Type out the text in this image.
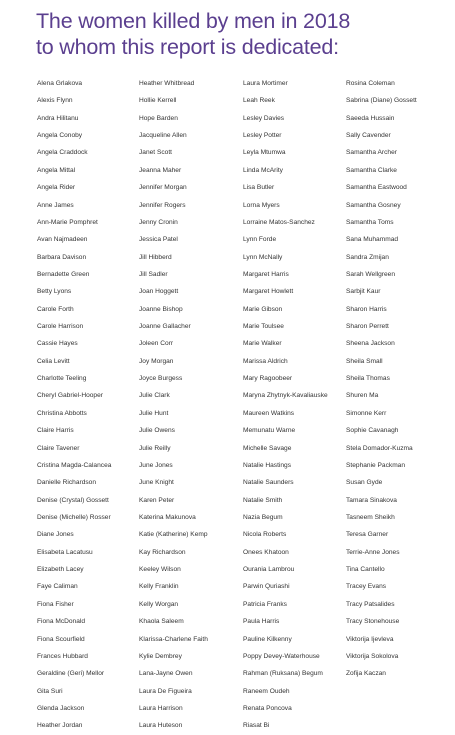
The women killed by men in 2018
to whom this report is dedicated:
Alena Grlakova
Alexis Flynn
Andra Hilitanu
Angela Conoby
Angela Craddock
Angela Mittal
Angela Rider
Anne James
Ann-Marie Pomphret
Avan Najmadeen
Barbara Davison
Bernadette Green
Betty Lyons
Carole Forth
Carole Harrison
Cassie Hayes
Celia Levitt
Charlotte Teeling
Cheryl Gabriel-Hooper
Christina Abbotts
Claire Harris
Claire Tavener
Cristina Magda-Calancea
Danielle Richardson
Denise (Crystal) Gossett
Denise (Michelle) Rosser
Diane Jones
Elisabeta Lacatusu
Elizabeth Lacey
Faye Caliman
Fiona Fisher
Fiona McDonald
Fiona Scourfield
Frances Hubbard
Geraldine (Geri) Mellor
Gita Suri
Glenda Jackson
Heather Jordan
Heather Whitbread
Hollie Kerrell
Hope Barden
Jacqueline Allen
Janet Scott
Jeanna Maher
Jennifer Morgan
Jennifer Rogers
Jenny Cronin
Jessica Patel
Jill Hibberd
Jill Sadler
Joan Hoggett
Joanne Bishop
Joanne Gallacher
Joleen Corr
Joy Morgan
Joyce Burgess
Julie Clark
Julie Hunt
Julie Owens
Julie Reilly
June Jones
June Knight
Karen Peter
Katerina Makunova
Katie (Katherine) Kemp
Kay Richardson
Keeley Wilson
Kelly Franklin
Kelly Worgan
Khaola Saleem
Klarissa-Charlene Faith
Kylie Dembrey
Lana-Jayne Owen
Laura De Figueira
Laura Harrison
Laura Huteson
Laura Mortimer
Leah Reek
Lesley Davies
Lesley Potter
Leyla Mtumwa
Linda McArity
Lisa Butler
Lorna Myers
Lorraine Matos-Sanchez
Lynn Forde
Lynn McNally
Margaret Harris
Margaret Howlett
Marie Gibson
Marie Toulsee
Marie Walker
Marissa Aldrich
Mary Ragoobeer
Maryna Zhytnyk-Kavaliauske
Maureen Watkins
Memunatu Warne
Michelle Savage
Natalie Hastings
Natalie Saunders
Natalie Smith
Nazia Begum
Nicola Roberts
Onees Khatoon
Ourania Lambrou
Parwin Quriashi
Patricia Franks
Paula Harris
Pauline Kilkenny
Poppy Devey-Waterhouse
Rahman (Ruksana) Begum
Raneem Oudeh
Renata Poncova
Riasat Bi
Rosina Coleman
Sabrina (Diane) Gossett
Saeeda Hussain
Sally Cavender
Samantha Archer
Samantha Clarke
Samantha Eastwood
Samantha Gosney
Samantha Toms
Sana Muhammad
Sandra Zmijan
Sarah Wellgreen
Sarbjit Kaur
Sharon Harris
Sharon Perrett
Sheena Jackson
Sheila Small
Sheila Thomas
Shuren Ma
Simonne Kerr
Sophie Cavanagh
Stela Domador-Kuzma
Stephanie Packman
Susan Gyde
Tamara Sinakova
Tasneem Sheikh
Teresa Garner
Terrie-Anne Jones
Tina Cantello
Tracey Evans
Tracy Patsalides
Tracy Stonehouse
Viktorija Ijevleva
Viktorija Sokolova
Zofija Kaczan
